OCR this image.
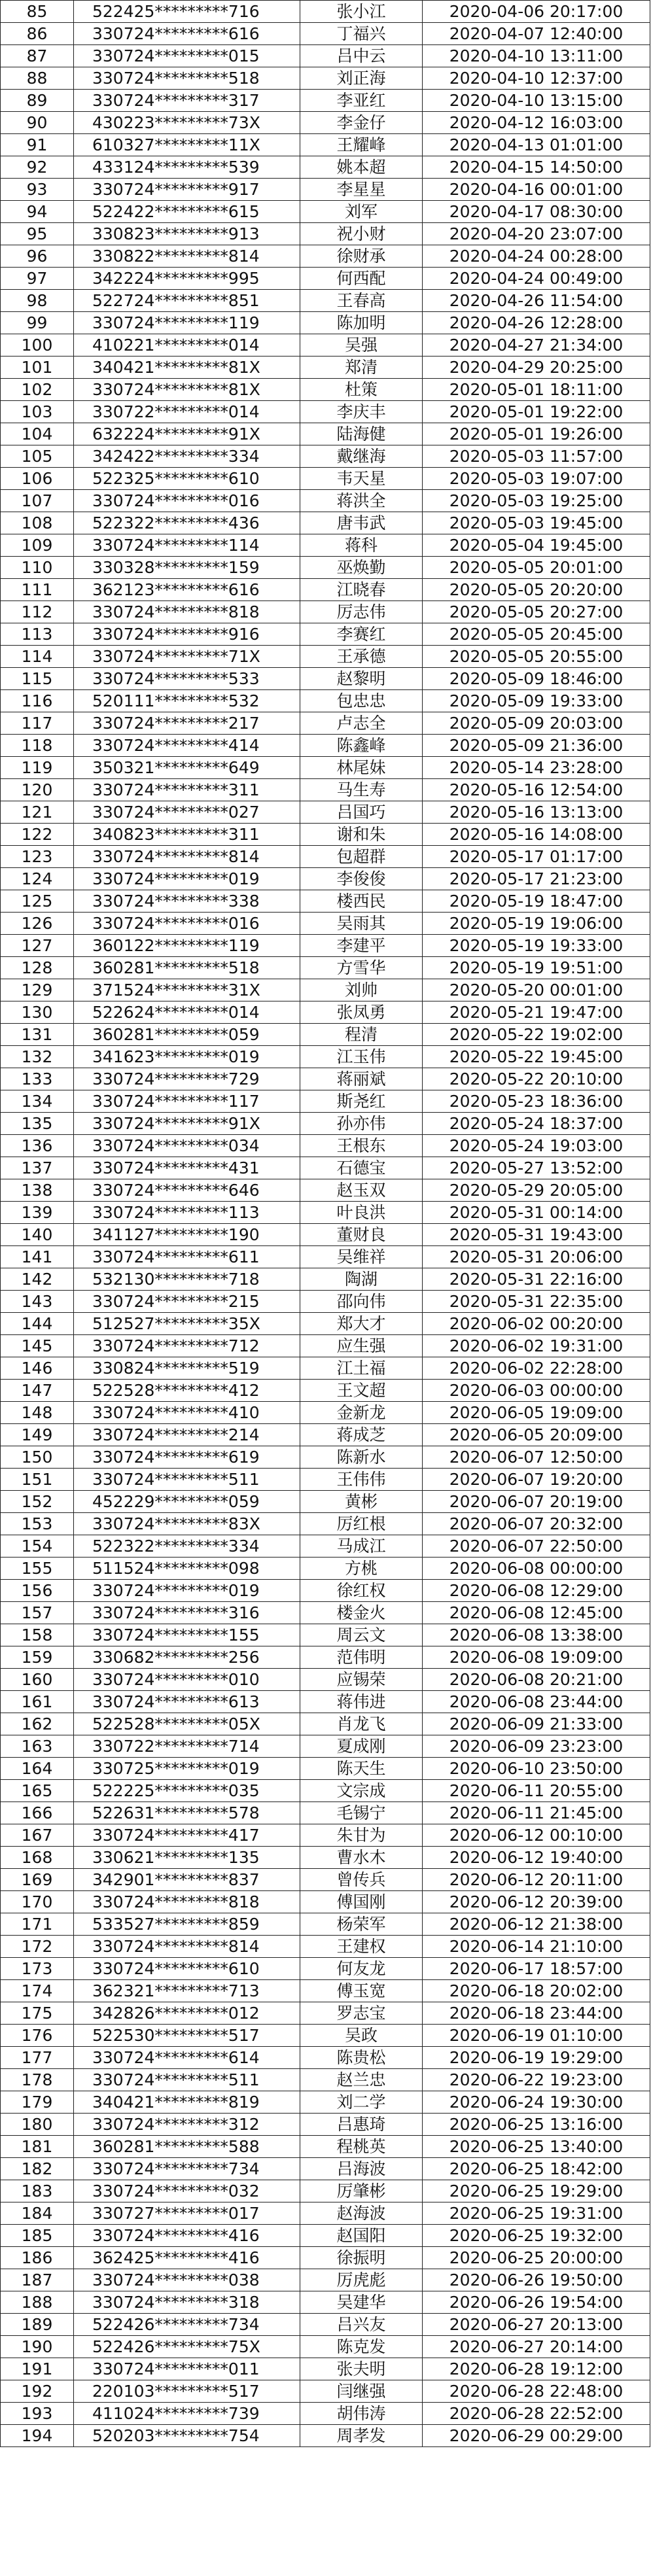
85	522425*********716	张小江	2020-04-06 20:17:00
86	330724*********616	丁福兴	2020-04-07 12:40:00
87	330724*********015	吕中云	2020-04-10 13:11:00
88	330724*********518	刘正海	2020-04-10 12:37:00
89	330724*********317	李亚红	2020-04-10 13:15:00
90	430223*********73X	李金仔	2020-04-12 16:03:00
91	610327*********11X	王耀峰	2020-04-13 01:01:00
92	433124*********539	姚本超	2020-04-15 14:50:00
93	330724*********917	李星星	2020-04-16 00:01:00
94	522422*********615	刘军	2020-04-17 08:30:00
95	330823*********913	祝小财	2020-04-20 23:07:00
96	330822*********814	徐财承	2020-04-24 00:28:00
97	342224*********995	何西配	2020-04-24 00:49:00
98	522724*********851	王春高	2020-04-26 11:54:00
99	330724*********119	陈加明	2020-04-26 12:28:00
100	410221*********014	吴强	2020-04-27 21:34:00
101	340421*********81X	郑清	2020-04-29 20:25:00
102	330724*********81X	杜策	2020-05-01 18:11:00
103	330722*********014	李庆丰	2020-05-01 19:22:00
104	632224*********91X	陆海健	2020-05-01 19:26:00
105	342422*********334	戴继海	2020-05-03 11:57:00
106	522325*********610	韦天星	2020-05-03 19:07:00
107	330724*********016	蒋洪全	2020-05-03 19:25:00
108	522322*********436	唐韦武	2020-05-03 19:45:00
109	330724*********114	蒋科	2020-05-04 19:45:00
110	330328*********159	巫焕勤	2020-05-05 20:01:00
111	362123*********616	江晓春	2020-05-05 20:20:00
112	330724*********818	厉志伟	2020-05-05 20:27:00
113	330724*********916	李赛红	2020-05-05 20:45:00
114	330724*********71X	王承德	2020-05-05 20:55:00
115	330724*********533	赵黎明	2020-05-09 18:46:00
116	520111*********532	包忠忠	2020-05-09 19:33:00
117	330724*********217	卢志全	2020-05-09 20:03:00
118	330724*********414	陈鑫峰	2020-05-09 21:36:00
119	350321*********649	林尾妹	2020-05-14 23:28:00
120	330724*********311	马生寿	2020-05-16 12:54:00
121	330724*********027	吕国巧	2020-05-16 13:13:00
122	340823*********311	谢和朱	2020-05-16 14:08:00
123	330724*********814	包超群	2020-05-17 01:17:00
124	330724*********019	李俊俊	2020-05-17 21:23:00
125	330724*********338	楼西民	2020-05-19 18:47:00
126	330724*********016	吴雨其	2020-05-19 19:06:00
127	360122*********119	李建平	2020-05-19 19:33:00
128	360281*********518	方雪华	2020-05-19 19:51:00
129	371524*********31X	刘帅	2020-05-20 00:01:00
130	522624*********014	张凤勇	2020-05-21 19:47:00
131	360281*********059	程清	2020-05-22 19:02:00
132	341623*********019	江玉伟	2020-05-22 19:45:00
133	330724*********729	蒋丽斌	2020-05-22 20:10:00
134	330724*********117	斯尧红	2020-05-23 18:36:00
135	330724*********91X	孙亦伟	2020-05-24 18:37:00
136	330724*********034	王根东	2020-05-24 19:03:00
137	330724*********431	石德宝	2020-05-27 13:52:00
138	330724*********646	赵玉双	2020-05-29 20:05:00
139	330724*********113	叶良洪	2020-05-31 00:14:00
140	341127*********190	董财良	2020-05-31 19:43:00
141	330724*********611	吴维祥	2020-05-31 20:06:00
142	532130*********718	陶湖	2020-05-31 22:16:00
143	330724*********215	邵向伟	2020-05-31 22:35:00
144	512527*********35X	郑大才	2020-06-02 00:20:00
145	330724*********712	应生强	2020-06-02 19:31:00
146	330824*********519	江土福	2020-06-02 22:28:00
147	522528*********412	王文超	2020-06-03 00:00:00
148	330724*********410	金新龙	2020-06-05 19:09:00
149	330724*********214	蒋成芝	2020-06-05 20:09:00
150	330724*********619	陈新水	2020-06-07 12:50:00
151	330724*********511	王伟伟	2020-06-07 19:20:00
152	452229*********059	黄彬	2020-06-07 20:19:00
153	330724*********83X	厉红根	2020-06-07 20:32:00
154	522322*********334	马成江	2020-06-07 22:50:00
155	511524*********098	方桃	2020-06-08 00:00:00
156	330724*********019	徐红权	2020-06-08 12:29:00
157	330724*********316	楼金火	2020-06-08 12:45:00
158	330724*********155	周云文	2020-06-08 13:38:00
159	330682*********256	范伟明	2020-06-08 19:09:00
160	330724*********010	应锡荣	2020-06-08 20:21:00
161	330724*********613	蒋伟进	2020-06-08 23:44:00
162	522528*********05X	肖龙飞	2020-06-09 21:33:00
163	330722*********714	夏成刚	2020-06-09 23:23:00
164	330725*********019	陈天生	2020-06-10 23:50:00
165	522225*********035	文宗成	2020-06-11 20:55:00
166	522631*********578	毛锡宁	2020-06-11 21:45:00
167	330724*********417	朱甘为	2020-06-12 00:10:00
168	330621*********135	曹水木	2020-06-12 19:40:00
169	342901*********837	曾传兵	2020-06-12 20:11:00
170	330724*********818	傅国刚	2020-06-12 20:39:00
171	533527*********859	杨荣军	2020-06-12 21:38:00
172	330724*********814	王建权	2020-06-14 21:10:00
173	330724*********610	何友龙	2020-06-17 18:57:00
174	362321*********713	傅玉宽	2020-06-18 20:02:00
175	342826*********012	罗志宝	2020-06-18 23:44:00
176	522530*********517	吴政	2020-06-19 01:10:00
177	330724*********614	陈贵松	2020-06-19 19:29:00
178	330724*********511	赵兰忠	2020-06-22 19:23:00
179	340421*********819	刘二学	2020-06-24 19:30:00
180	330724*********312	吕惠琦	2020-06-25 13:16:00
181	360281*********588	程桃英	2020-06-25 13:40:00
182	330724*********734	吕海波	2020-06-25 18:42:00
183	330724*********032	厉肇彬	2020-06-25 19:29:00
184	330727*********017	赵海波	2020-06-25 19:31:00
185	330724*********416	赵国阳	2020-06-25 19:32:00
186	362425*********416	徐振明	2020-06-25 20:00:00
187	330724*********038	厉虎彪	2020-06-26 19:50:00
188	330724*********318	吴建华	2020-06-26 19:54:00
189	522426*********734	吕兴友	2020-06-27 20:13:00
190	522426*********75X	陈克发	2020-06-27 20:14:00
191	330724*********011	张夫明	2020-06-28 19:12:00
192	220103*********517	闫继强	2020-06-28 22:48:00
193	411024*********739	胡伟涛	2020-06-28 22:52:00
194	520203*********754	周孝发	2020-06-29 00:29:00
